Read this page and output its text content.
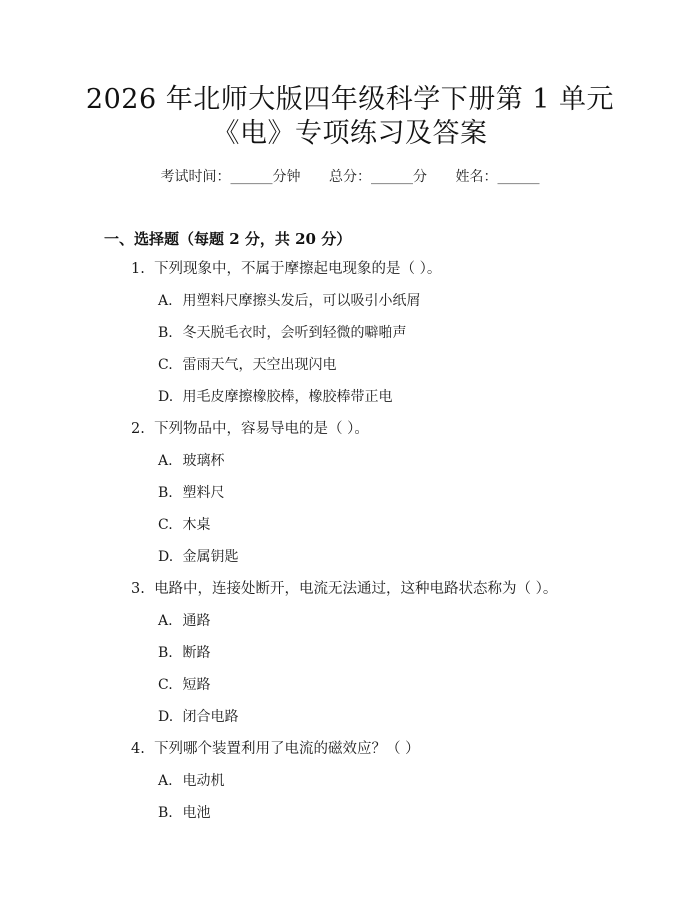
2026 年北师大版四年级科学下册第 1 单元
《电》专项练习及答案
考试时间：______分钟 总分：______分 姓名：______
一、选择题（每题 2 分，共 20 分）
1. 下列现象中，不属于摩擦起电现象的是（ ）。
A. 用塑料尺摩擦头发后，可以吸引小纸屑
B. 冬天脱毛衣时，会听到轻微的噼啪声
C. 雷雨天气，天空出现闪电
D. 用毛皮摩擦橡胶棒，橡胶棒带正电
2. 下列物品中，容易导电的是（ ）。
A. 玻璃杯
B. 塑料尺
C. 木桌
D. 金属钥匙
3. 电路中，连接处断开，电流无法通过，这种电路状态称为（ ）。
A. 通路
B. 断路
C. 短路
D. 闭合电路
4. 下列哪个装置利用了电流的磁效应？（ ）
A. 电动机
B. 电池
